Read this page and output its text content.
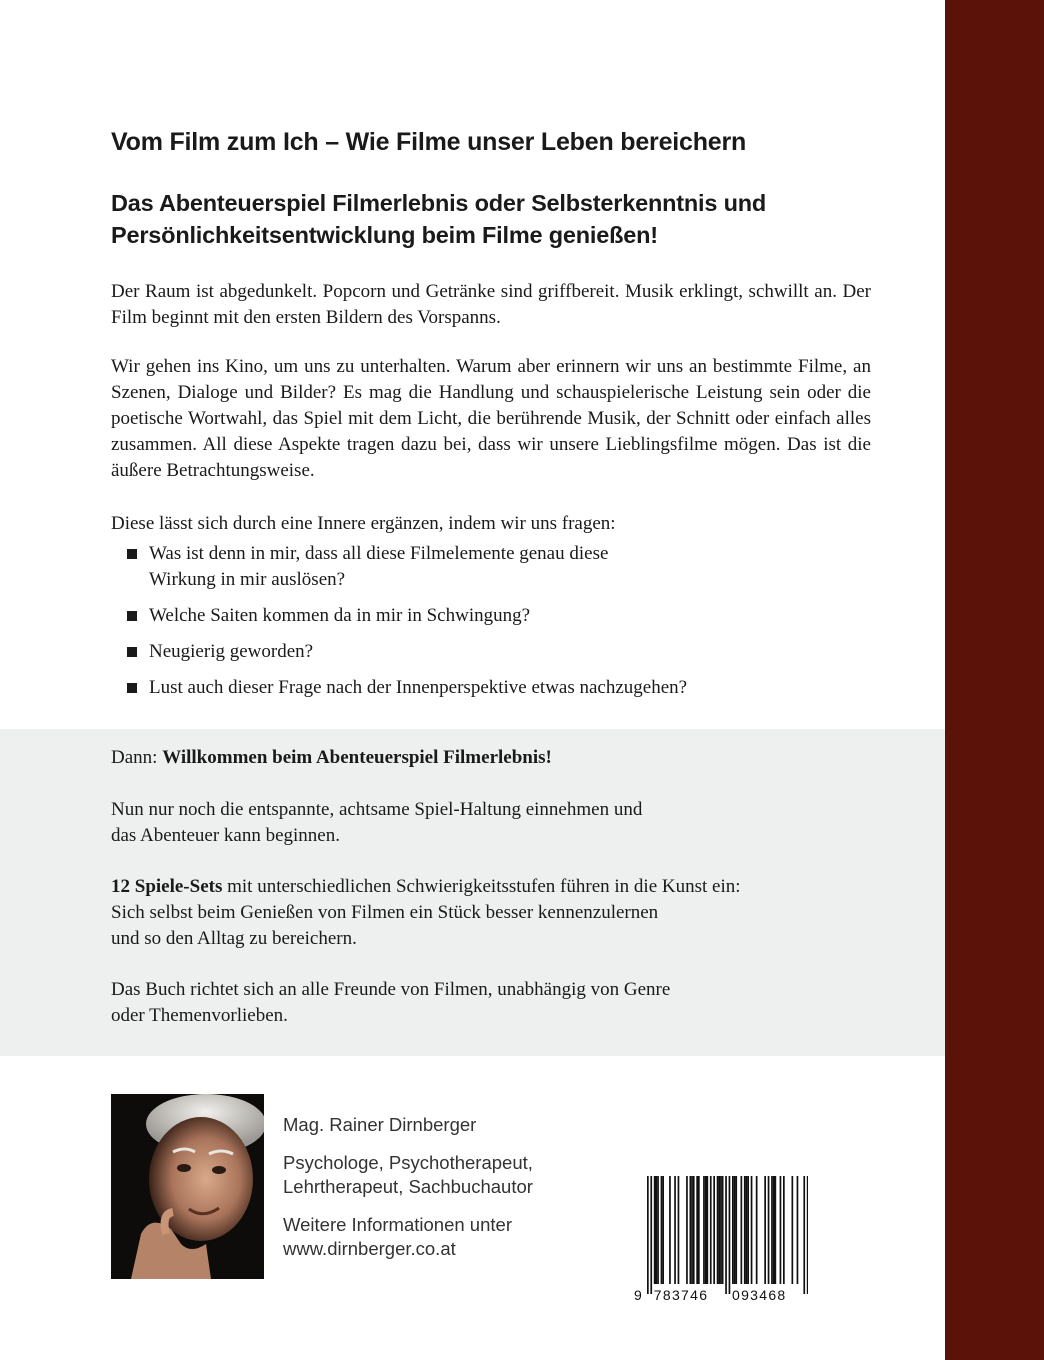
Vom Film zum Ich – Wie Filme unser Leben bereichern
Das Abenteuerspiel Filmerlebnis oder Selbsterkenntnis und
Persönlichkeitsentwicklung beim Filme genießen!

Der Raum ist abgedunkelt. Popcorn und Getränke sind griffbereit. Musik erklingt, schwillt an. Der Film beginnt mit den ersten Bildern des Vorspanns.

Wir gehen ins Kino, um uns zu unterhalten. Warum aber erinnern wir uns an bestimmte Filme, an Szenen, Dialoge und Bilder? Es mag die Handlung und schauspielerische Leistung sein oder die poetische Wortwahl, das Spiel mit dem Licht, die berührende Musik, der Schnitt oder einfach alles zusammen. All diese Aspekte tragen dazu bei, dass wir unsere Lieblingsfilme mögen. Das ist die äußere Betrachtungsweise.

Diese lässt sich durch eine Innere ergänzen, indem wir uns fragen:

Was ist denn in mir, dass all diese Filmelemente genau diese
Wirkung in mir auslösen?
Welche Saiten kommen da in mir in Schwingung?
Neugierig geworden?
Lust auch dieser Frage nach der Innenperspektive etwas nachzugehen?

Dann: Willkommen beim Abenteuerspiel Filmerlebnis!

Nun nur noch die entspannte, achtsame Spiel-Haltung einnehmen und
das Abenteuer kann beginnen.

12 Spiele-Sets mit unterschiedlichen Schwierigkeitsstufen führen in die Kunst ein:
Sich selbst beim Genießen von Filmen ein Stück besser kennenzulernen
und so den Alltag zu bereichern.

Das Buch richtet sich an alle Freunde von Filmen, unabhängig von Genre
oder Themenvorlieben.

Mag. Rainer Dirnberger

Psychologe, Psychotherapeut,

Lehrtherapeut, Sachbuchautor

Weitere Informationen unter

www.dirnberger.co.at

9 783746 093468
